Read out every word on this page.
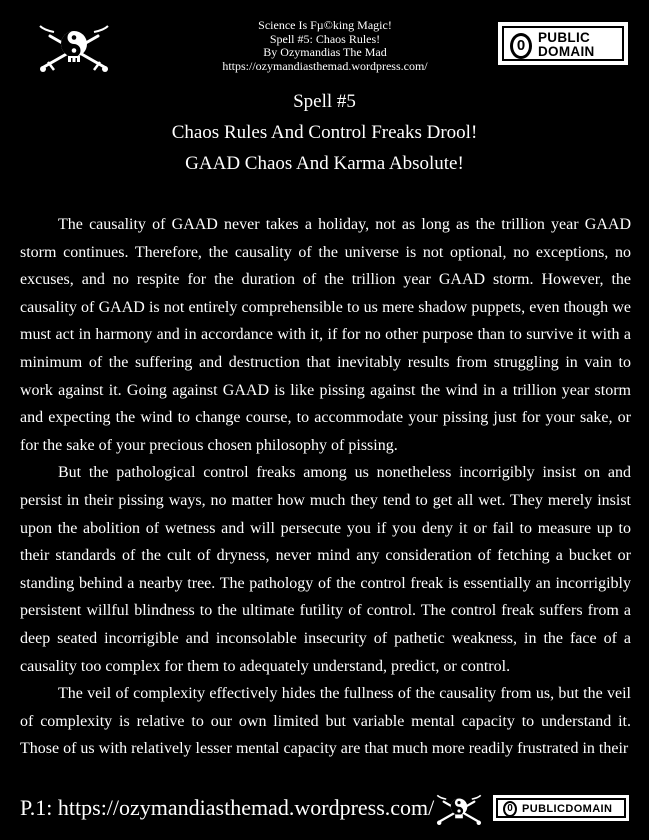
Science Is Fµ©king Magic!
Spell #5: Chaos Rules!
By Ozymandias The Mad
https://ozymandiasthemad.wordpress.com/
0 PUBLIC
DOMAIN
Spell #5
Chaos Rules And Control Freaks Drool!
GAAD Chaos And Karma Absolute!

The causality of GAAD never takes a holiday, not as long as the trillion year GAAD storm continues. Therefore, the causality of the universe is not optional, no exceptions, no excuses, and no respite for the duration of the trillion year GAAD storm. However, the causality of GAAD is not entirely comprehensible to us mere shadow puppets, even though we must act in harmony and in accordance with it, if for no other purpose than to survive it with a minimum of the suffering and destruction that inevitably results from struggling in vain to work against it. Going against GAAD is like pissing against the wind in a trillion year storm and expecting the wind to change course, to accommodate your pissing just for your sake, or for the sake of your precious chosen philosophy of pissing.

But the pathological control freaks among us nonetheless incorrigibly insist on and persist in their pissing ways, no matter how much they tend to get all wet. They merely insist upon the abolition of wetness and will persecute you if you deny it or fail to measure up to their standards of the cult of dryness, never mind any consideration of fetching a bucket or standing behind a nearby tree. The pathology of the control freak is essentially an incorrigibly persistent willful blindness to the ultimate futility of control. The control freak suffers from a deep seated incorrigible and inconsolable insecurity of pathetic weakness, in the face of a causality too complex for them to adequately understand, predict, or control.

The veil of complexity effectively hides the fullness of the causality from us, but the veil of complexity is relative to our own limited but variable mental capacity to understand it. Those of us with relatively lesser mental capacity are that much more readily frustrated in their

P.1: https://ozymandiasthemad.wordpress.com/	0 PUBLICDOMAIN
